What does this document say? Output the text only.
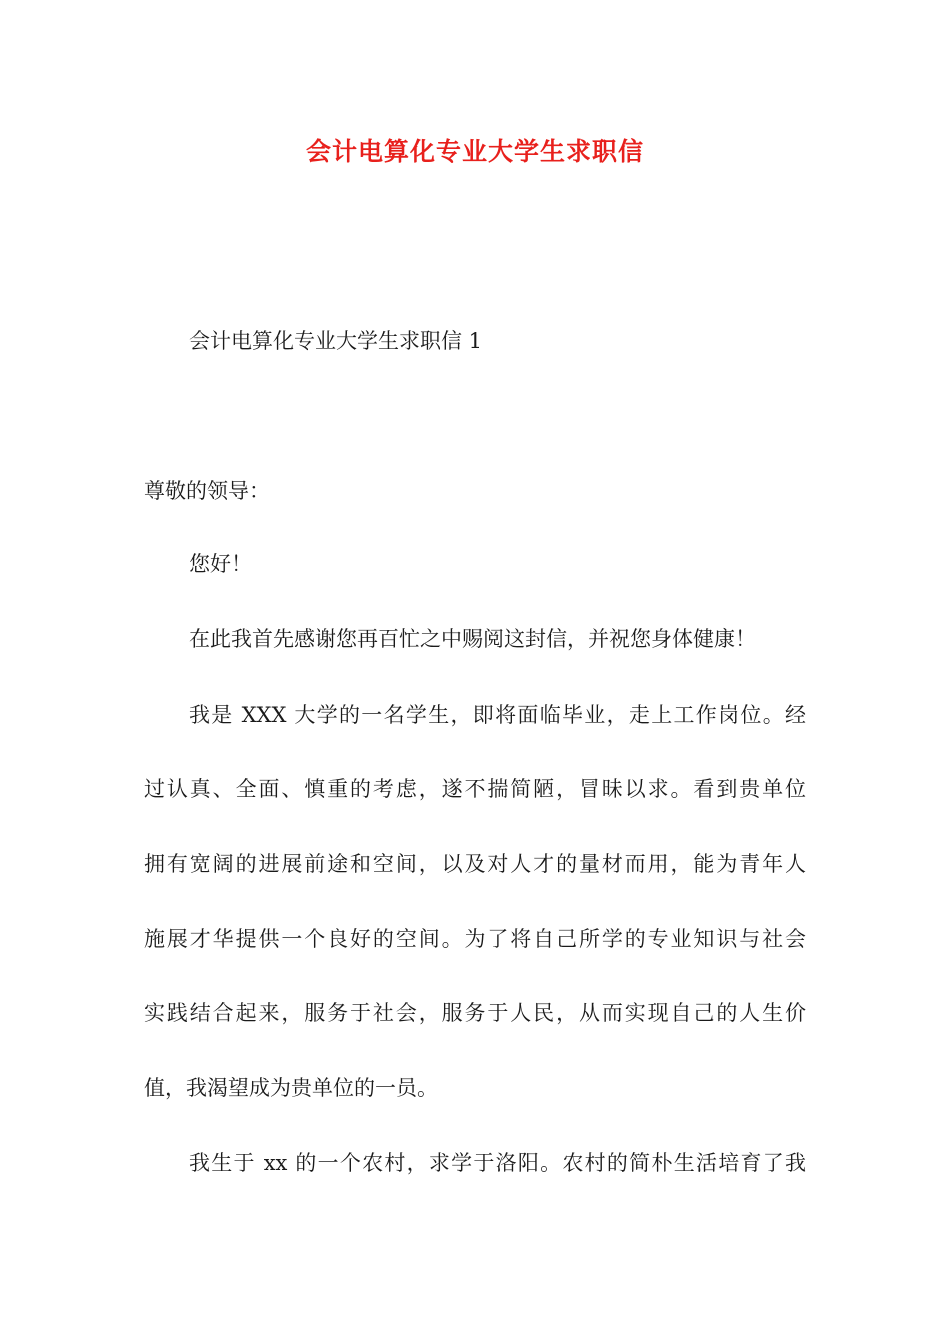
会计电算化专业大学生求职信
会计电算化专业大学生求职信 1
尊敬的领导：
您好！
在此我首先感谢您再百忙之中赐阅这封信，并祝您身体健康！
我是 XXX 大学的一名学生，即将面临毕业，走上工作岗位。经
过认真、全面、慎重的考虑，遂不揣简陋，冒昧以求。看到贵单位
拥有宽阔的进展前途和空间，以及对人才的量材而用，能为青年人
施展才华提供一个良好的空间。为了将自己所学的专业知识与社会
实践结合起来，服务于社会，服务于人民，从而实现自己的人生价
值，我渴望成为贵单位的一员。
我生于 xx 的一个农村，求学于洛阳。农村的简朴生活培育了我
